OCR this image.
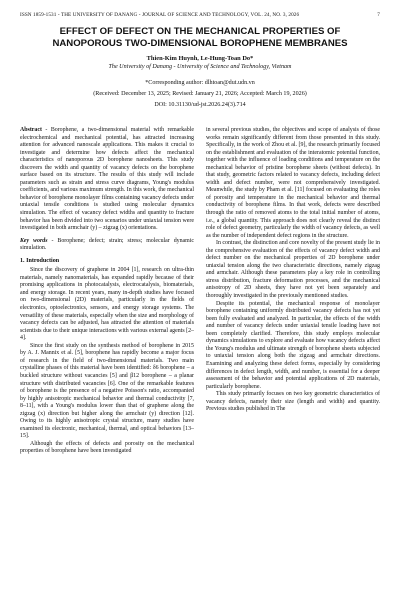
ISSN 1859-1531 - THE UNIVERSITY OF DANANG - JOURNAL OF SCIENCE AND TECHNOLOGY, VOL. 24, NO. 3, 2026	7
EFFECT OF DEFECT ON THE MECHANICAL PROPERTIES OF NANOPOROUS TWO-DIMENSIONAL BOROPHENE MEMBRANES
Thien-Kim Huynh, Le-Hung-Toan Do*
The University of Danang - University of Science and Technology, Vietnam
*Corresponding author: dlhtoan@dut.udn.vn
(Received: December 13, 2025; Revised: January 21, 2026; Accepted: March 19, 2026)
DOI: 10.31130/ud-jst.2026.24(3).714

Abstract - Borophene, a two-dimensional material with remarkable electrochemical and mechanical potential, has attracted increasing attention for advanced nanoscale applications. This makes it crucial to investigate and determine how defects affect the mechanical characteristics of nanoporous 2D borophene nanosheets. This study discovers the width and quantity of vacancy defects on the borophene surface based on its structure. The results of this study will include parameters such as strain and stress curve diagrams, Young's modulus coefficients, and various maximum strength. In this work, the mechanical behavior of borophene monolayer films containing vacancy defects under uniaxial tensile conditions is studied using molecular dynamics simulation. The effect of vacancy defect widths and quantity to fracture behavior has been divided into two scenarios under uniaxial tension were investigated in both armchair (y) – zigzag (x) orientations.

Key words - Borophene; defect; strain; stress; molecular dynamic simulation.

1. Introduction

Since the discovery of graphene in 2004 [1], research on ultra-thin materials, namely nanomaterials, has expanded rapidly because of their promising applications in photocatalysis, electrocatalysis, biomaterials, and energy storage. In recent years, many in-depth studies have focused on two-dimensional (2D) materials, particularly in the fields of electronics, optoelectronics, sensors, and energy storage systems. The versatility of these materials, especially when the size and morphology of vacancy defects can be adjusted, has attracted the attention of materials scientists due to their unique interactions with various external agents [2–4].

Since the first study on the synthesis method of borophene in 2015 by A. J. Mannix et al. [5], borophene has rapidly become a major focus of research in the field of two-dimensional materials. Two main crystalline phases of this material have been identified: δ6 borophene – a buckled structure without vacancies [5] and β12 borophene – a planar structure with distributed vacancies [6]. One of the remarkable features of borophene is the presence of a negative Poisson's ratio, accompanied by highly anisotropic mechanical behavior and thermal conductivity [7, 8–11], with a Young's modulus lower than that of graphene along the zigzag (x) direction but higher along the armchair (y) direction [12]. Owing to its highly anisotropic crystal structure, many studies have examined its electronic, mechanical, thermal, and optical behaviors [13–15].

Although the effects of defects and porosity on the mechanical properties of borophene have been investigated

in several previous studies, the objectives and scope of analysis of those works remain significantly different from those presented in this study. Specifically, in the work of Zhou et al. [9], the research primarily focused on the establishment and evaluation of the interatomic potential function, together with the influence of loading conditions and temperature on the mechanical behavior of pristine borophene sheets (without defects). In that study, geometric factors related to vacancy defects, including defect width and defect number, were not comprehensively investigated. Meanwhile, the study by Pham et al. [11] focused on evaluating the roles of porosity and temperature in the mechanical behavior and thermal conductivity of borophene films. In that work, defects were described through the ratio of removed atoms to the total initial number of atoms, i.e., a global quantity. This approach does not clearly reveal the distinct role of defect geometry, particularly the width of vacancy defects, as well as the number of independent defect regions in the structure.

In contrast, the distinction and core novelty of the present study lie in the comprehensive evaluation of the effects of vacancy defect width and defect number on the mechanical properties of 2D borophene under uniaxial tension along the two characteristic directions, namely zigzag and armchair. Although these parameters play a key role in controlling stress distribution, fracture deformation processes, and the mechanical anisotropy of 2D sheets, they have not yet been separately and thoroughly investigated in the previously mentioned studies.

Despite its potential, the mechanical response of monolayer borophene containing uniformly distributed vacancy defects has not yet been fully evaluated and analyzed. In particular, the effects of the width and number of vacancy defects under uniaxial tensile loading have not been completely clarified. Therefore, this study employs molecular dynamics simulations to explore and evaluate how vacancy defects affect the Young's modulus and ultimate strength of borophene sheets subjected to uniaxial tension along both the zigzag and armchair directions. Examining and analyzing these defect forms, especially by considering differences in defect length, width, and number, is essential for a deeper assessment of the behavior and potential applications of 2D materials, particularly borophene.

This study primarily focuses on two key geometric characteristics of vacancy defects, namely their size (length and width) and quantity. Previous studies published in The
